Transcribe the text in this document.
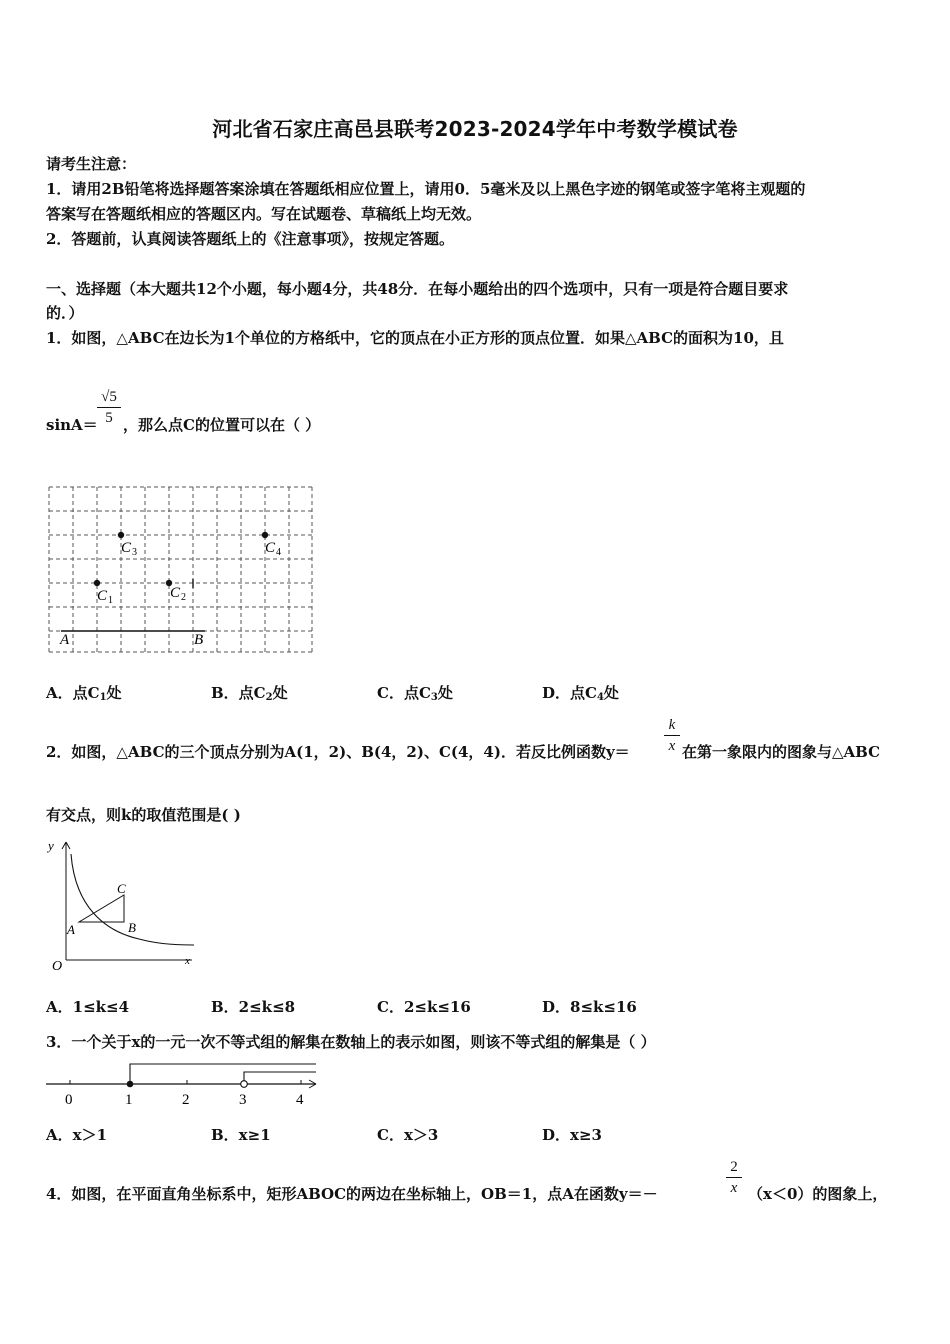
河北省石家庄高邑县联考2023-2024学年中考数学模试卷
请考生注意：
1．请用2B铅笔将选择题答案涂填在答题纸相应位置上，请用0．5毫米及以上黑色字迹的钢笔或签字笔将主观题的
答案写在答题纸相应的答题区内。写在试题卷、草稿纸上均无效。
2．答题前，认真阅读答题纸上的《注意事项》，按规定答题。
一、选择题（本大题共12个小题，每小题4分，共48分．在每小题给出的四个选项中，只有一项是符合题目要求
的．）
1．如图，△ABC在边长为1个单位的方格纸中，它的顶点在小正方形的顶点位置．如果△ABC的面积为10，且
sinA＝
√5
5 ，那么点C的位置可以在（ ）
A	B
C 3	C 4
C 1	C 2
A．点$C_1$处	B．点$C_2$处	C．点$C_3$处	D．点$C_4$处
2．如图，△ABC的三个顶点分别为A(1，2)、B(4，2)、C(4，4)．若反比例函数y＝
k
x 在第一象限内的图象与△ABC
有交点，则k的取值范围是( )
y
x
O
A	B
C
A．1≤k≤4	B．2≤k≤8	C．2≤k≤16	D．8≤k≤16
3．一个关于x的一元一次不等式组的解集在数轴上的表示如图，则该不等式组的解集是（ ）
0	1	2	3	4
A．x＞1	B．x≥1	C．x＞3	D．x≥3
4．如图，在平面直角坐标系中，矩形ABOC的两边在坐标轴上，OB＝1，点A在函数y＝－
2
x （x＜0）的图象上，
